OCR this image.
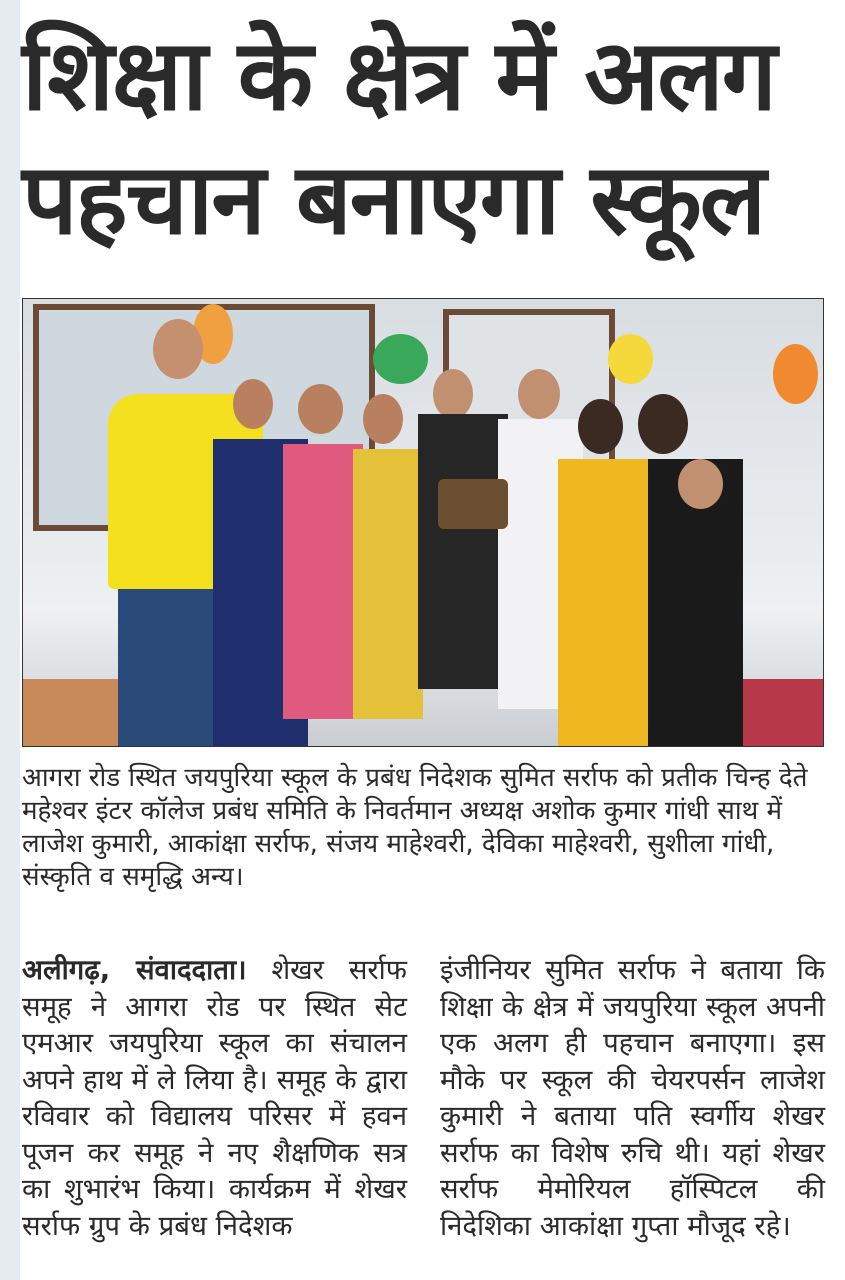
शिक्षा के क्षेत्र में अलग
पहचान बनाएगा स्कूल

आगरा रोड स्थित जयपुरिया स्कूल के प्रबंध निदेशक सुमित सर्राफ को प्रतीक चिन्ह देते महेश्वर इंटर कॉलेज प्रबंध समिति के निवर्तमान अध्यक्ष अशोक कुमार गांधी साथ में लाजेश कुमारी, आकांक्षा सर्राफ, संजय माहेश्वरी, देविका माहेश्वरी, सुशीला गांधी, संस्कृति व समृद्धि अन्य।

अलीगढ़, संवाददाता। शेखर सर्राफ समूह ने आगरा रोड पर स्थित सेट एमआर जयपुरिया स्कूल का संचालन अपने हाथ में ले लिया है। समूह के द्वारा रविवार को विद्यालय परिसर में हवन पूजन कर समूह ने नए शैक्षणिक सत्र का शुभारंभ किया। कार्यक्रम में शेखर सर्राफ ग्रुप के प्रबंध निदेशक

इंजीनियर सुमित सर्राफ ने बताया कि शिक्षा के क्षेत्र में जयपुरिया स्कूल अपनी एक अलग ही पहचान बनाएगा। इस मौके पर स्कूल की चेयरपर्सन लाजेश कुमारी ने बताया पति स्वर्गीय शेखर सर्राफ का विशेष रुचि थी। यहां शेखर सर्राफ मेमोरियल हॉस्पिटल की निदेशिका आकांक्षा गुप्ता मौजूद रहे।
